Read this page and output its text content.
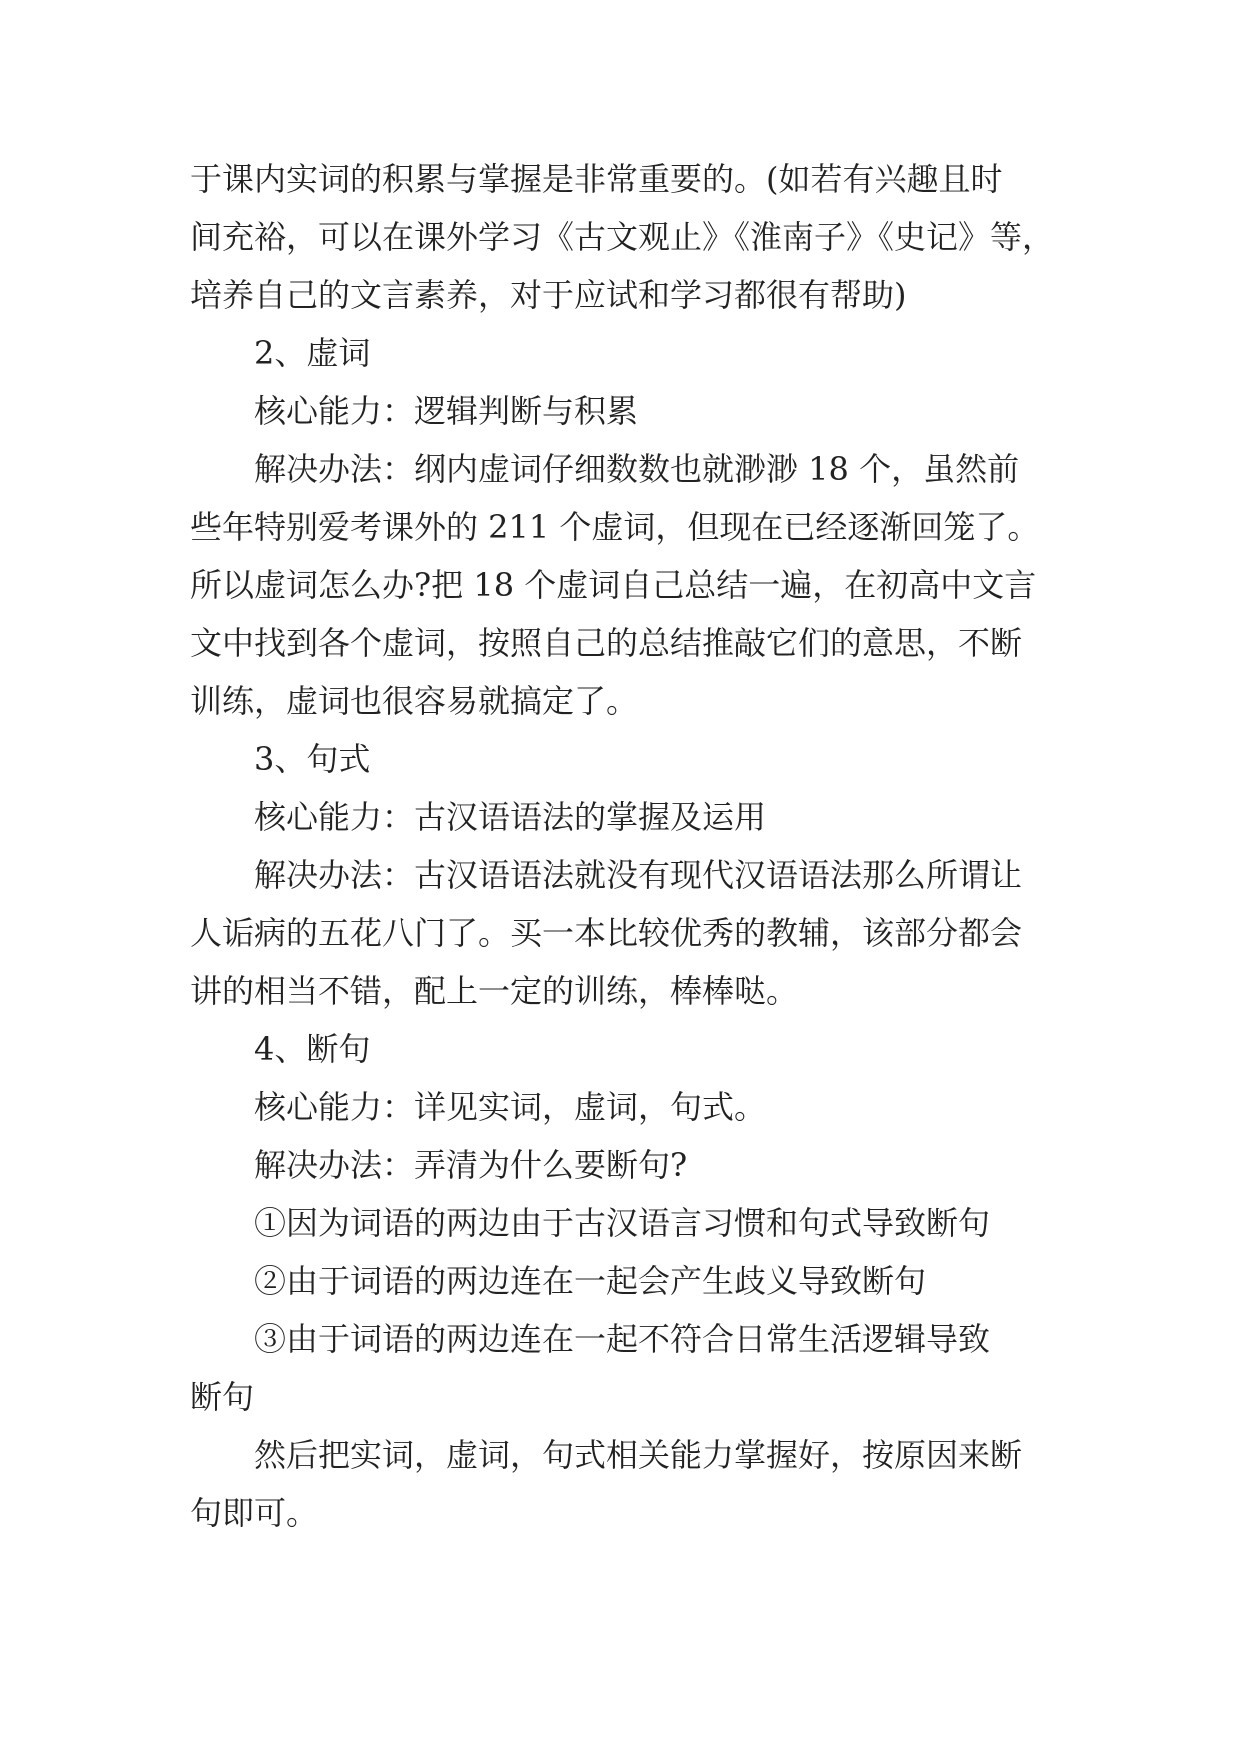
于课内实词的积累与掌握是非常重要的。(如若有兴趣且时
间充裕，可以在课外学习《古文观止》《淮南子》《史记》等，
培养自己的文言素养，对于应试和学习都很有帮助)
2、虚词
核心能力：逻辑判断与积累
解决办法：纲内虚词仔细数数也就渺渺 18 个，虽然前
些年特别爱考课外的 211 个虚词，但现在已经逐渐回笼了。
所以虚词怎么办?把 18 个虚词自己总结一遍，在初高中文言
文中找到各个虚词，按照自己的总结推敲它们的意思，不断
训练，虚词也很容易就搞定了。
3、句式
核心能力：古汉语语法的掌握及运用
解决办法：古汉语语法就没有现代汉语语法那么所谓让
人诟病的五花八门了。买一本比较优秀的教辅，该部分都会
讲的相当不错，配上一定的训练，棒棒哒。
4、断句
核心能力：详见实词，虚词，句式。
解决办法：弄清为什么要断句?
①因为词语的两边由于古汉语言习惯和句式导致断句
②由于词语的两边连在一起会产生歧义导致断句
③由于词语的两边连在一起不符合日常生活逻辑导致
断句
然后把实词，虚词，句式相关能力掌握好，按原因来断
句即可。
